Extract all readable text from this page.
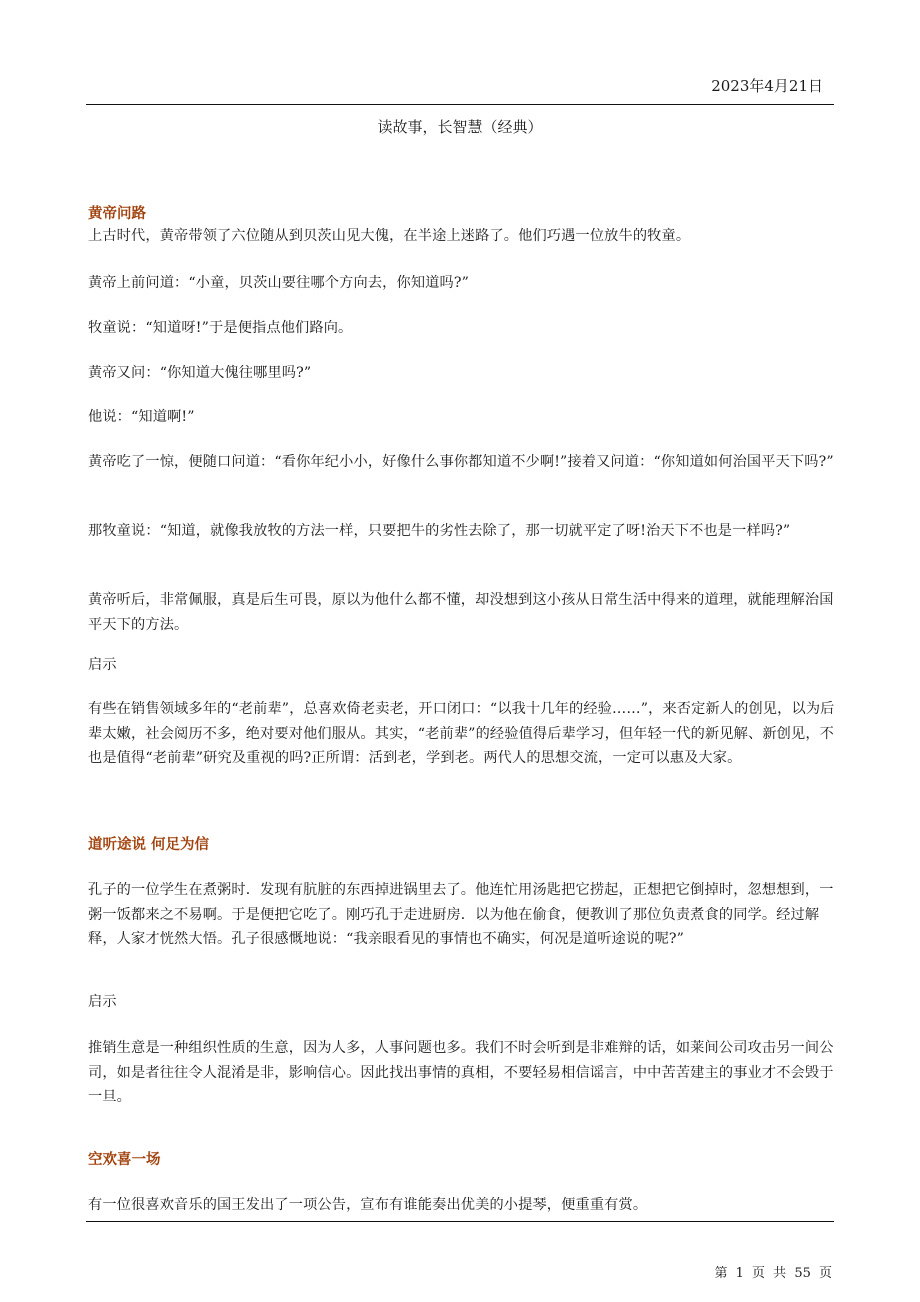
2023年4月21日
读故事，长智慧（经典）
黄帝问路
上古时代，黄帝带领了六位随从到贝茨山见大傀，在半途上迷路了。他们巧遇一位放牛的牧童。
黄帝上前问道：“小童，贝茨山要往哪个方向去，你知道吗?”
牧童说：“知道呀!”于是便指点他们路向。
黄帝又问：“你知道大傀往哪里吗?”
他说：“知道啊!”
黄帝吃了一惊，便随口问道：“看你年纪小小，好像什么事你都知道不少啊!”接着又问道：“你知道如何治国平天下吗?”
那牧童说：“知道，就像我放牧的方法一样，只要把牛的劣性去除了，那一切就平定了呀!治天下不也是一样吗?”
黄帝听后，非常佩服，真是后生可畏，原以为他什么都不懂，却没想到这小孩从日常生活中得来的道理，就能理解治国平天下的方法。
启示
有些在销售领域多年的“老前辈”，总喜欢倚老卖老，开口闭口：“以我十几年的经验……”，来否定新人的创见，以为后辈太嫩，社会阅历不多，绝对要对他们服从。其实，“老前辈”的经验值得后辈学习，但年轻一代的新见解、新创见，不也是值得“老前辈”研究及重视的吗?正所谓：活到老，学到老。两代人的思想交流，一定可以惠及大家。
道听途说 何足为信
孔子的一位学生在煮粥时．发现有肮脏的东西掉进锅里去了。他连忙用汤匙把它捞起，正想把它倒掉时，忽想想到，一粥一饭都来之不易啊。于是便把它吃了。刚巧孔于走进厨房．以为他在偷食，便教训了那位负责煮食的同学。经过解释，人家才恍然大悟。孔子很感慨地说：“我亲眼看见的事情也不确实，何况是道听途说的呢?”
启示
推销生意是一种组织性质的生意，因为人多，人事问题也多。我们不时会听到是非难辩的话，如莱间公司攻击另一间公司，如是者往往令人混淆是非，影响信心。因此找出事情的真相，不要轻易相信谣言，中中苦苦建主的事业才不会毁于一旦。
空欢喜一场
有一位很喜欢音乐的国王发出了一项公告，宣布有谁能奏出优美的小提琴，便重重有赏。
第 1 页 共 55 页
